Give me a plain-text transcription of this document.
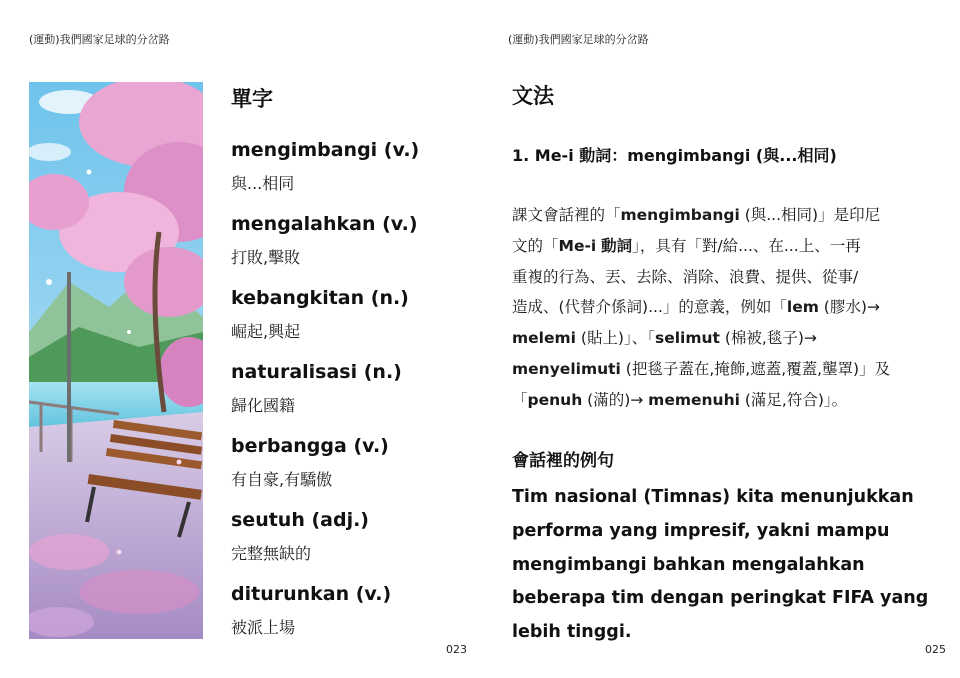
(運動)我們國家足球的分岔路
單字
mengimbangi (v.)
與...相同
mengalahkan (v.)
打敗,擊敗
kebangkitan (n.)
崛起,興起
naturalisasi (n.)
歸化國籍
berbangga (v.)
有自豪,有驕傲
seutuh (adj.)
完整無缺的
diturunkan (v.)
被派上場
023
(運動)我們國家足球的分岔路
文法
1. Me-i 動詞：mengimbangi (與...相同)

課文會話裡的「mengimbangi (與...相同)」是印尼
文的「Me-i 動詞」，具有「對/給...、在...上、一再
重複的行為、丟、去除、消除、浪費、提供、從事/
造成、(代替介係詞)...」的意義，例如「lem (膠水)→
melemi (貼上)」、「selimut (棉被,毯子)→
menyelimuti (把毯子蓋在,掩飾,遮蓋,覆蓋,壟罩)」及
「penuh (滿的)→ memenuhi (滿足,符合)」。

會話裡的例句

Tim nasional (Timnas) kita menunjukkan
performa yang impresif, yakni mampu
mengimbangi bahkan mengalahkan
beberapa tim dengan peringkat FIFA yang
lebih tinggi.

025
